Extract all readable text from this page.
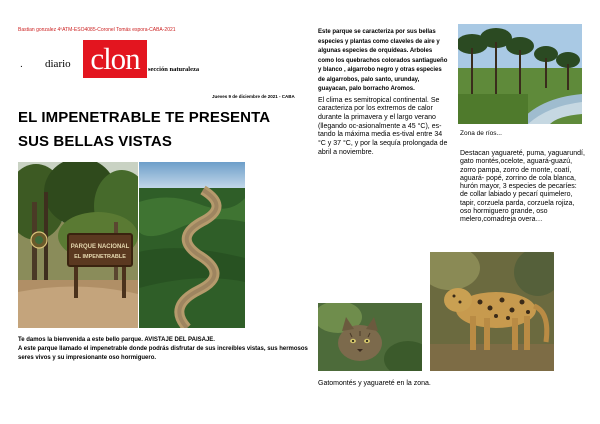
Bastian gonzalez 4ºATM-ESO4085-Coronel Tomás espora-CABA-2021
. diario clon	sección naturaleza
Jueves 9 de diciembre de 2021 - CABA
EL IMPENETRABLE TE PRESENTA SUS BELLAS VISTAS
PARQUE NACIONAL
EL IMPENETRABLE

Te damos la bienvenida a este bello parque. AVISTAJE DEL PAISAJE.

A este parque llamado el impenetrable donde podrás disfrutar de sus increíbles vistas, sus hermosos seres vivos y su impresionante oso hormiguero.

Este parque se caracteriza por sus bellas especies y plantas como claveles de aire y algunas especies de orquídeas. Arboles como los quebrachos colorados santiagueño y blanco , algarrobo negro y otras especies de algarrobos, palo santo, urunday, guayacan, palo borracho Aromos.

El clima es semitropical continental. Se caracteriza por los extremos de calor durante la primavera y el largo verano (llegando oc-asionalmente a 45 °C), es-tando la máxima media es-tival entre 34 °C y 37 °C, y por la sequía prolongada de abril a noviembre.

Zona de ríos...

Destacan yaguareté, puma, yaguarundí, gato montés,ocelote, aguará-guazú, zorro pampa, zorro de monte, coatí, aguará- popé, zorrino de cola blanca, hurón mayor, 3 especies de pecaríes: de collar labiado y pecarí quimelero, tapir, corzuela parda, corzuela rojiza, oso hormiguero grande, oso melero,comadreja overa…

Gatomontés y yaguareté en la zona.
